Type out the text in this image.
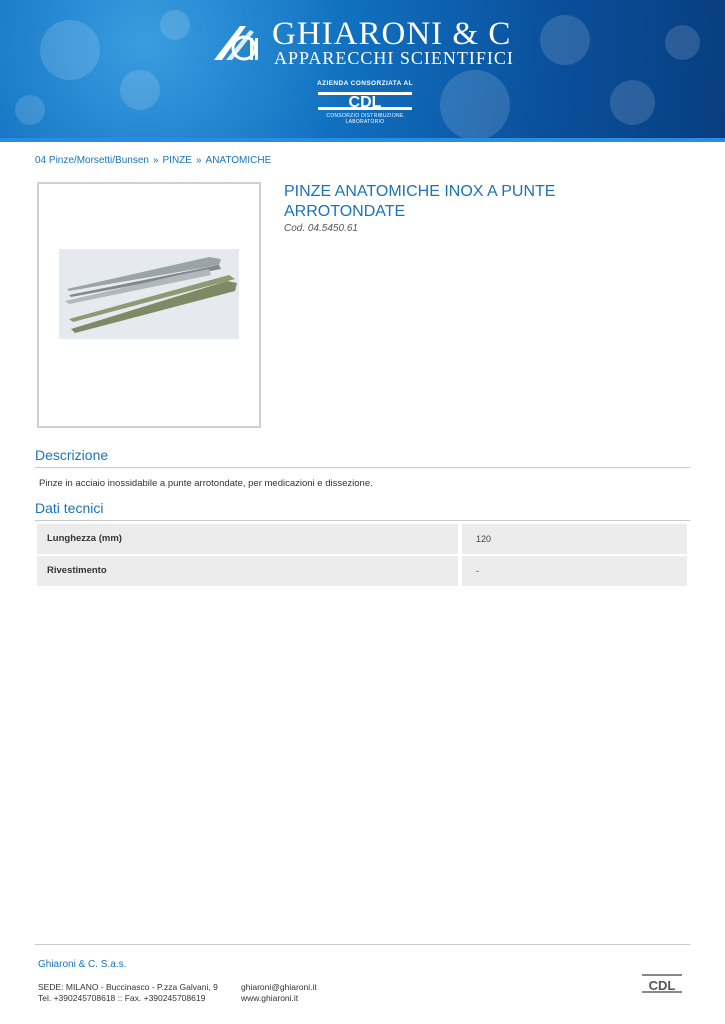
GHIARONI & C
APPARECCHI SCIENTIFICI
AZIENDA CONSORZIATA AL
CDL
CONSORZIO DISTRIBUZIONE LABORATORIO
04 Pinze/Morsetti/Bunsen » PINZE » ANATOMICHE
PINZE ANATOMICHE INOX A PUNTE ARROTONDATE
Cod. 04.5450.61
Descrizione
Pinze in acciaio inossidabile a punte arrotondate, per medicazioni e dissezione.
Dati tecnici
Lunghezza (mm)	120
Rivestimento	-
Ghiaroni & C. S.a.s.
SEDE: MILANO - Buccinasco - P.zza Galvani, 9
Tel. +390245708618 :: Fax. +390245708619
ghiaroni@ghiaroni.it
www.ghiaroni.it
CDL
